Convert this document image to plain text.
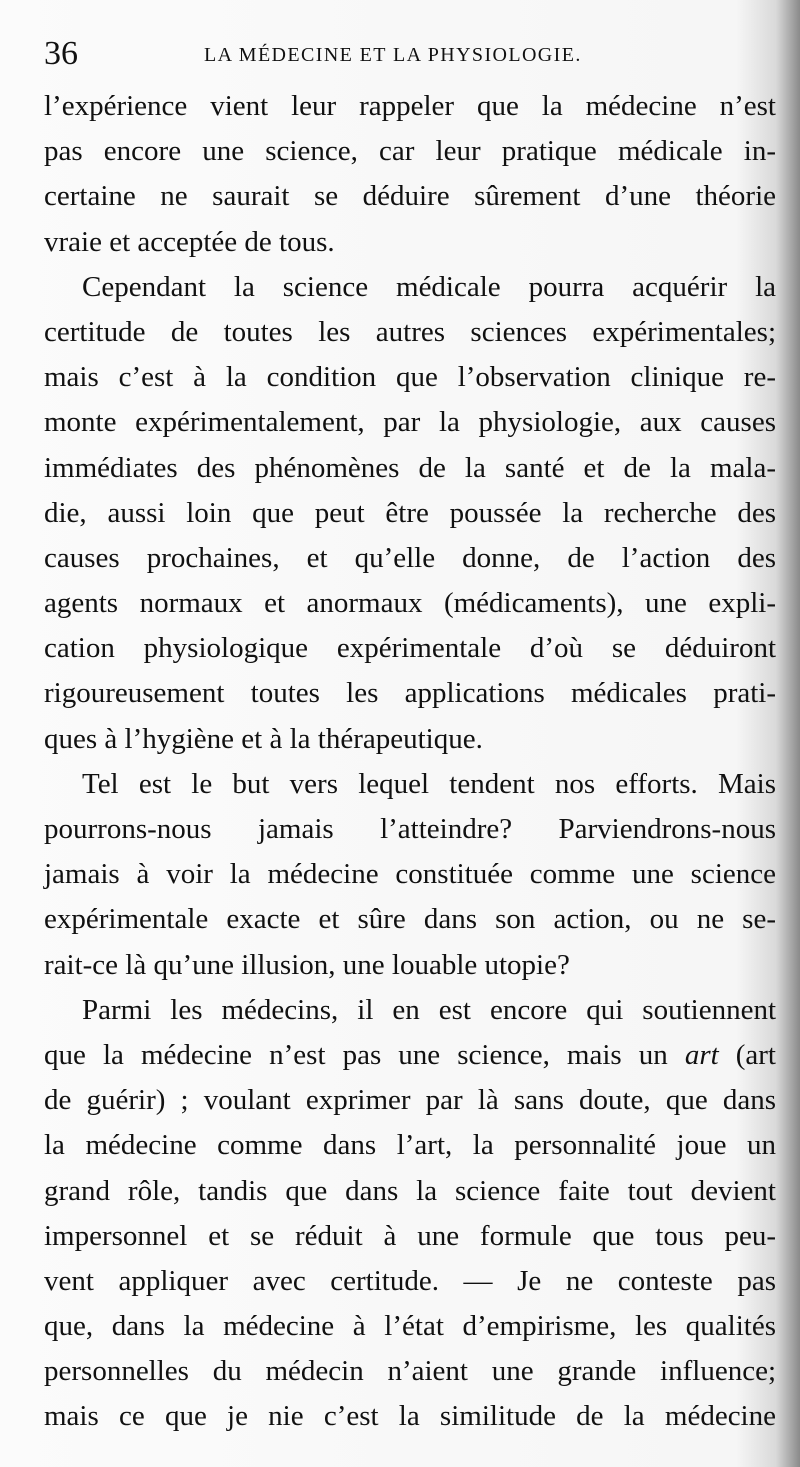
36	LA MÉDECINE ET LA PHYSIOLOGIE.
l’expérience vient leur rappeler que la médecine n’est
pas encore une science, car leur pratique médicale in-
certaine ne saurait se déduire sûrement d’une théorie
vraie et acceptée de tous.
Cependant la science médicale pourra acquérir la
certitude de toutes les autres sciences expérimentales;
mais c’est à la condition que l’observation clinique re-
monte expérimentalement, par la physiologie, aux causes
immédiates des phénomènes de la santé et de la mala-
die, aussi loin que peut être poussée la recherche des
causes prochaines, et qu’elle donne, de l’action des
agents normaux et anormaux (médicaments), une expli-
cation physiologique expérimentale d’où se déduiront
rigoureusement toutes les applications médicales prati-
ques à l’hygiène et à la thérapeutique.
Tel est le but vers lequel tendent nos efforts. Mais
pourrons-nous jamais l’atteindre? Parviendrons-nous
jamais à voir la médecine constituée comme une science
expérimentale exacte et sûre dans son action, ou ne se-
rait-ce là qu’une illusion, une louable utopie?
Parmi les médecins, il en est encore qui soutiennent
que la médecine n’est pas une science, mais un art (art
de guérir) ; voulant exprimer par là sans doute, que dans
la médecine comme dans l’art, la personnalité joue un
grand rôle, tandis que dans la science faite tout devient
impersonnel et se réduit à une formule que tous peu-
vent appliquer avec certitude. — Je ne conteste pas
que, dans la médecine à l’état d’empirisme, les qualités
personnelles du médecin n’aient une grande influence;
mais ce que je nie c’est la similitude de la médecine
